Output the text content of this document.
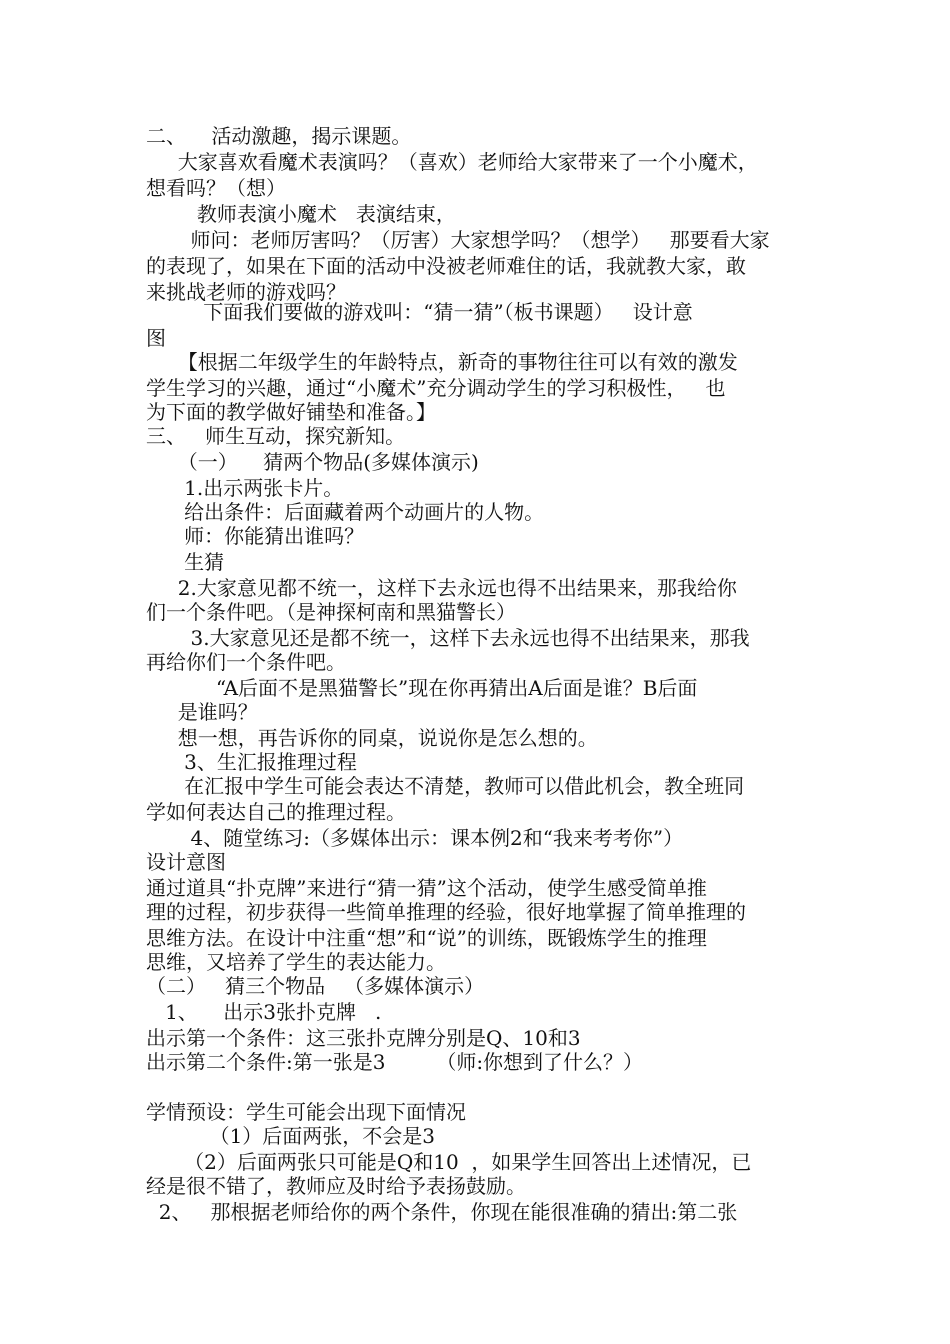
二、    活动激趣，揭示课题。
大家喜欢看魔术表演吗？（喜欢）老师给大家带来了一个小魔术，
想看吗？（想）
教师表演小魔术   表演结束，
师问：老师厉害吗？（厉害）大家想学吗？（想学）   那要看大家
的表现了，如果在下面的活动中没被老师难住的话，我就教大家，敢
来挑战老师的游戏吗？
下面我们要做的游戏叫：“猜一猜”（板书课题）   设计意
图
【根据二年级学生的年龄特点，新奇的事物往往可以有效的激发
学生学习的兴趣，通过“小魔术”充分调动学生的学习积极性，   也
为下面的教学做好铺垫和准备。】
三、   师生互动，探究新知。
（一）    猜两个物品(多媒体演示)
1.出示两张卡片。
给出条件：后面藏着两个动画片的人物。
师：你能猜出谁吗？
生猜
2.大家意见都不统一，这样下去永远也得不出结果来，那我给你
们一个条件吧。（是神探柯南和黑猫警长）
3.大家意见还是都不统一，这样下去永远也得不出结果来，那我
再给你们一个条件吧。
“A后面不是黑猫警长”现在你再猜出A后面是谁？B后面
是谁吗？
想一想，再告诉你的同桌，说说你是怎么想的。
3、生汇报推理过程
在汇报中学生可能会表达不清楚，教师可以借此机会，教全班同
学如何表达自己的推理过程。
4、随堂练习:（多媒体出示：课本例2和“我来考考你”）
设计意图
通过道具“扑克牌”来进行“猜一猜”这个活动，使学生感受简单推
理的过程，初步获得一些简单推理的经验，很好地掌握了简单推理的
思维方法。在设计中注重“想”和“说”的训练，既锻炼学生的推理
思维，又培养了学生的表达能力。
（二）   猜三个物品   （多媒体演示）
1、    出示3张扑克牌   .
出示第一个条件：这三张扑克牌分别是Q、10和3
出示第二个条件:第一张是3        （师:你想到了什么？）
学情预设：学生可能会出现下面情况
（1）后面两张，不会是3
（2）后面两张只可能是Q和10  ，如果学生回答出上述情况，已
经是很不错了，教师应及时给予表扬鼓励。
2、   那根据老师给你的两个条件，你现在能很准确的猜出:第二张
